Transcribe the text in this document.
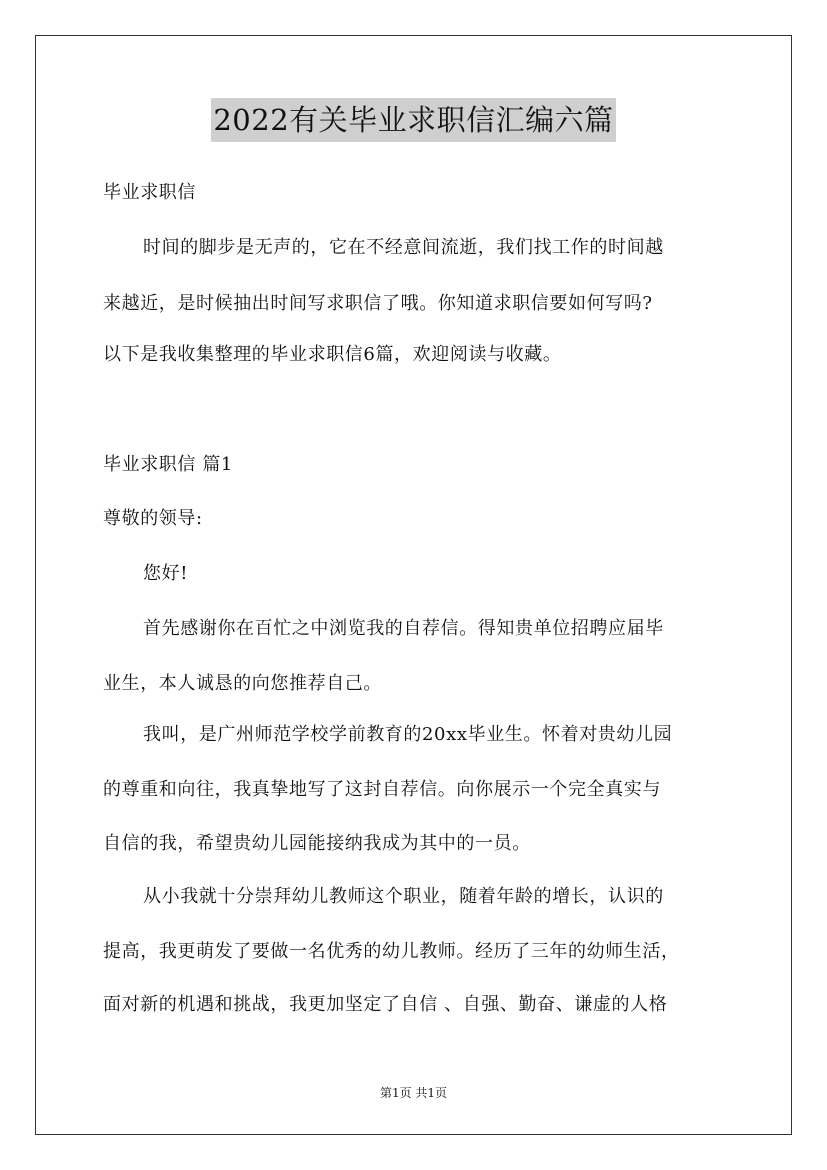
2022有关毕业求职信汇编六篇
毕业求职信
时间的脚步是无声的，它在不经意间流逝，我们找工作的时间越
来越近，是时候抽出时间写求职信了哦。你知道求职信要如何写吗?
以下是我收集整理的毕业求职信6篇，欢迎阅读与收藏。
毕业求职信 篇1
尊敬的领导:
您好!
首先感谢你在百忙之中浏览我的自荐信。得知贵单位招聘应届毕
业生，本人诚恳的向您推荐自己。
我叫，是广州师范学校学前教育的20xx毕业生。怀着对贵幼儿园
的尊重和向往，我真挚地写了这封自荐信。向你展示一个完全真实与
自信的我，希望贵幼儿园能接纳我成为其中的一员。
从小我就十分崇拜幼儿教师这个职业，随着年龄的增长，认识的
提高，我更萌发了要做一名优秀的幼儿教师。经历了三年的幼师生活，
面对新的机遇和挑战，我更加坚定了自信 、自强、勤奋、谦虚的人格
第1页 共1页
